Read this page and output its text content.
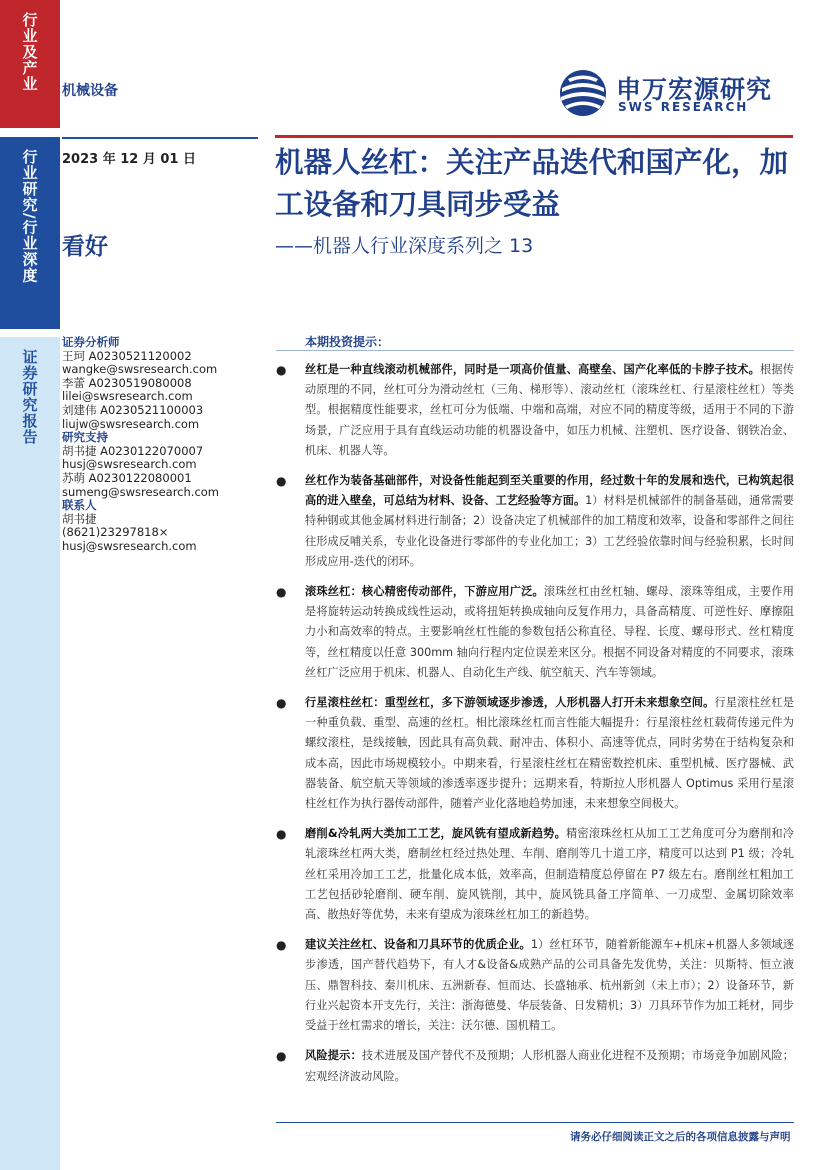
行业及产业
行业研究/行业深度
证券研究报告
机械设备	申万宏源研究
SWS RESEARCH
2023 年 12 月 01 日
看好
机器人丝杠：关注产品迭代和国产化，加工设备和刀具同步受益
——机器人行业深度系列之 13
证券分析师
王珂 A0230521120002
wangke@swsresearch.com
李蕾 A0230519080008
lilei@swsresearch.com
刘建伟 A0230521100003
liujw@swsresearch.com
研究支持
胡书捷 A0230122070007
husj@swsresearch.com
苏萌 A0230122080001
sumeng@swsresearch.com
联系人
胡书捷
(8621)23297818×
husj@swsresearch.com
本期投资提示：
● 丝杠是一种直线滚动机械部件，同时是一项高价值量、高壁垒、国产化率低的卡脖子技术。根据传动原理的不同，丝杠可分为滑动丝杠（三角、梯形等）、滚动丝杠（滚珠丝杠、行星滚柱丝杠）等类型。根据精度性能要求，丝杠可分为低端、中端和高端，对应不同的精度等级，适用于不同的下游场景，广泛应用于具有直线运动功能的机器设备中，如压力机械、注塑机、医疗设备、钢铁冶金、机床、机器人等。
● 丝杠作为装备基础部件，对设备性能起到至关重要的作用，经过数十年的发展和迭代，已构筑起很高的进入壁垒，可总结为材料、设备、工艺经验等方面。1）材料是机械部件的制备基础，通常需要特种钢或其他金属材料进行制备；2）设备决定了机械部件的加工精度和效率，设备和零部件之间往往形成反哺关系，专业化设备进行零部件的专业化加工；3）工艺经验依靠时间与经验积累，长时间形成应用-迭代的闭环。
● 滚珠丝杠：核心精密传动部件，下游应用广泛。滚珠丝杠由丝杠轴、螺母、滚珠等组成，主要作用是将旋转运动转换成线性运动，或将扭矩转换成轴向反复作用力，具备高精度、可逆性好、摩擦阻力小和高效率的特点。主要影响丝杠性能的参数包括公称直径、导程、长度、螺母形式、丝杠精度等，丝杠精度以任意 300mm 轴向行程内定位误差来区分。根据不同设备对精度的不同要求，滚珠丝杠广泛应用于机床、机器人、自动化生产线、航空航天、汽车等领域。
● 行星滚柱丝杠：重型丝杠，多下游领域逐步渗透，人形机器人打开未来想象空间。行星滚柱丝杠是一种重负载、重型、高速的丝杠。相比滚珠丝杠而言性能大幅提升：行星滚柱丝杠载荷传递元件为螺纹滚柱，是线接触，因此具有高负载、耐冲击、体积小、高速等优点，同时劣势在于结构复杂和成本高，因此市场规模较小。中期来看，行星滚柱丝杠在精密数控机床、重型机械、医疗器械、武器装备、航空航天等领域的渗透率逐步提升；远期来看，特斯拉人形机器人 Optimus 采用行星滚柱丝杠作为执行器传动部件，随着产业化落地趋势加速，未来想象空间极大。
● 磨削&冷轧两大类加工工艺，旋风铣有望成新趋势。精密滚珠丝杠从加工工艺角度可分为磨削和冷轧滚珠丝杠两大类，磨制丝杠经过热处理、车削、磨削等几十道工序，精度可以达到 P1 级；冷轧丝杠采用冷加工工艺，批量化成本低，效率高，但制造精度总停留在 P7 级左右。磨削丝杠粗加工工艺包括砂轮磨削、硬车削、旋风铣削，其中，旋风铣具备工序简单、一刀成型、金属切除效率高、散热好等优势，未来有望成为滚珠丝杠加工的新趋势。
● 建议关注丝杠、设备和刀具环节的优质企业。1）丝杠环节，随着新能源车+机床+机器人多领域逐步渗透，国产替代趋势下，有人才&设备&成熟产品的公司具备先发优势，关注：贝斯特、恒立液压、鼎智科技、秦川机床、五洲新春、恒而达、长盛轴承、杭州新剑（未上市）；2）设备环节，新行业兴起资本开支先行，关注：浙海德曼、华辰装备、日发精机；3）刀具环节作为加工耗材，同步受益于丝杠需求的增长，关注：沃尔德、国机精工。
● 风险提示：技术进展及国产替代不及预期；人形机器人商业化进程不及预期；市场竞争加剧风险；宏观经济波动风险。
请务必仔细阅读正文之后的各项信息披露与声明
